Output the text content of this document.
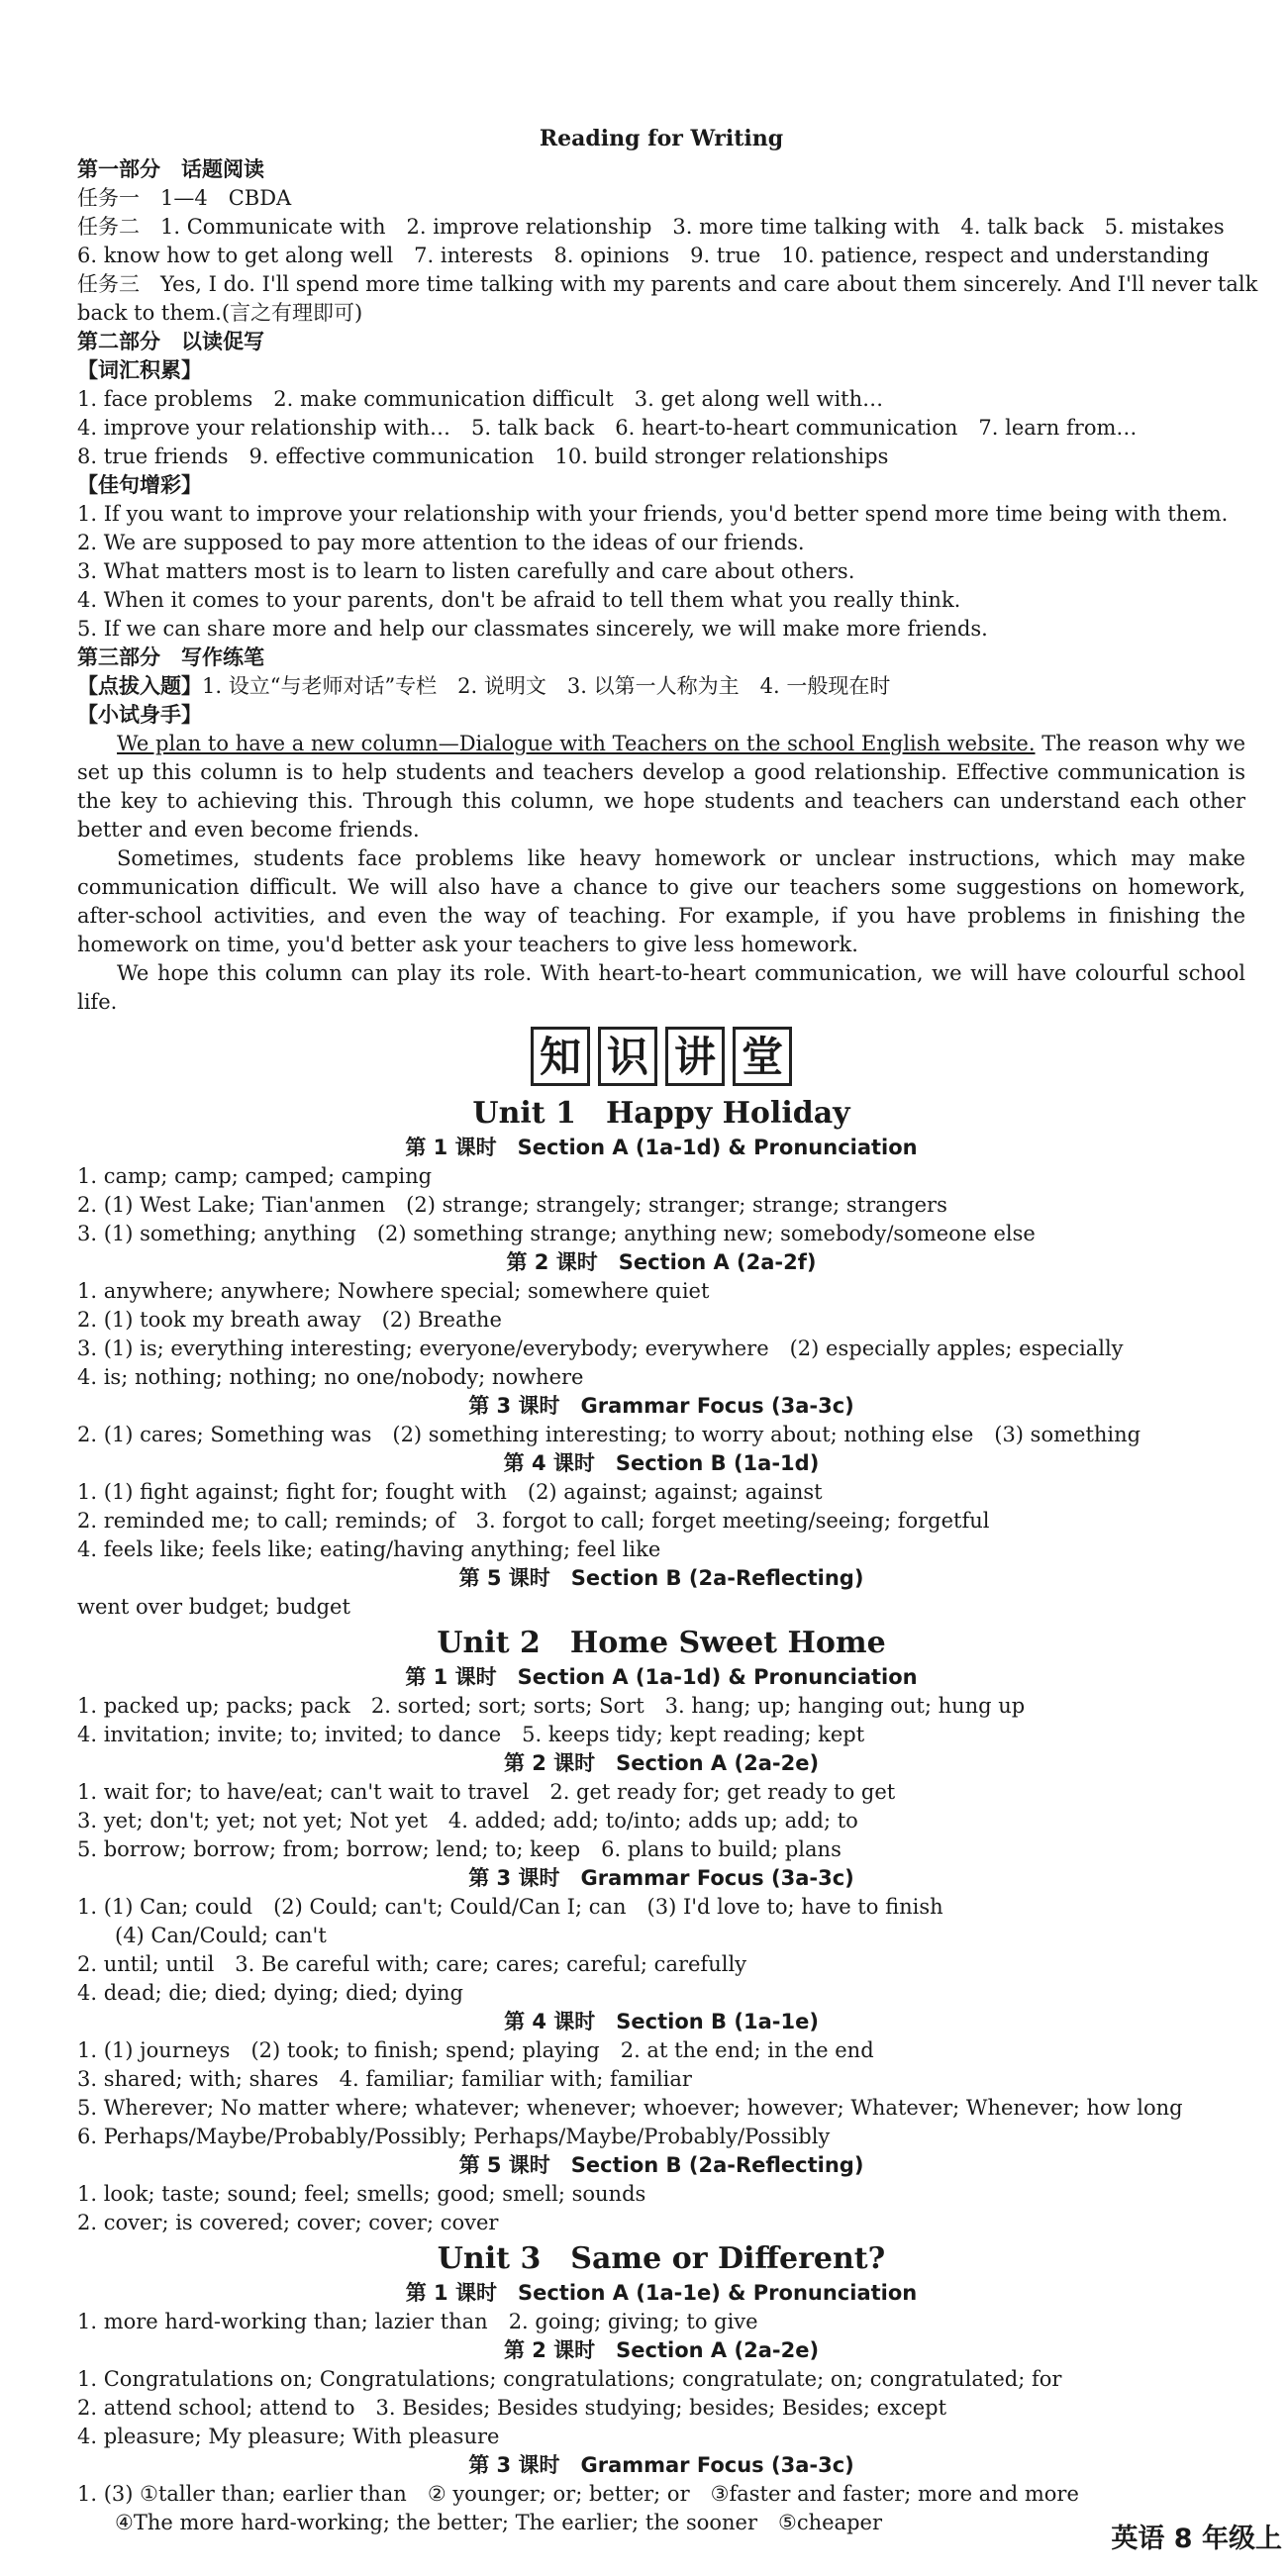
Reading for Writing
第一部分　话题阅读
任务一　1—4　CBDA
任务二　1. Communicate with　2. improve relationship　3. more time talking with　4. talk back　5. mistakes
6. know how to get along well　7. interests　8. opinions　9. true　10. patience, respect and understanding
任务三　Yes, I do. I'll spend more time talking with my parents and care about them sincerely. And I'll never talk
back to them.(言之有理即可)
第二部分　以读促写
【词汇积累】
1. face problems　2. make communication difficult　3. get along well with…
4. improve your relationship with…　5. talk back　6. heart-to-heart communication　7. learn from…
8. true friends　9. effective communication　10. build stronger relationships
【佳句增彩】
1. If you want to improve your relationship with your friends, you'd better spend more time being with them.
2. We are supposed to pay more attention to the ideas of our friends.
3. What matters most is to learn to listen carefully and care about others.
4. When it comes to your parents, don't be afraid to tell them what you really think.
5. If we can share more and help our classmates sincerely, we will make more friends.
第三部分　写作练笔
【点拔入题】1. 设立“与老师对话”专栏　2. 说明文　3. 以第一人称为主　4. 一般现在时
【小试身手】
We plan to have a new column—Dialogue with Teachers on the school English website. The reason why we set up this column is to help students and teachers develop a good relationship. Effective communication is the key to achieving this. Through this column, we hope students and teachers can understand each other better and even become friends.
Sometimes, students face problems like heavy homework or unclear instructions, which may make communication difficult. We will also have a chance to give our teachers some suggestions on homework, after-school activities, and even the way of teaching. For example, if you have problems in finishing the homework on time, you'd better ask your teachers to give less homework.
We hope this column can play its role. With heart-to-heart communication, we will have colourful school life.
知 识 讲 堂
Unit 1　Happy Holiday
第 1 课时　Section A (1a-1d) & Pronunciation
1. camp; camp; camped; camping
2. (1) West Lake; Tian'anmen　(2) strange; strangely; stranger; strange; strangers
3. (1) something; anything　(2) something strange; anything new; somebody/someone else
第 2 课时　Section A (2a-2f)
1. anywhere; anywhere; Nowhere special; somewhere quiet
2. (1) took my breath away　(2) Breathe
3. (1) is; everything interesting; everyone/everybody; everywhere　(2) especially apples; especially
4. is; nothing; nothing; no one/nobody; nowhere
第 3 课时　Grammar Focus (3a-3c)
2. (1) cares; Something was　(2) something interesting; to worry about; nothing else　(3) something
第 4 课时　Section B (1a-1d)
1. (1) fight against; fight for; fought with　(2) against; against; against
2. reminded me; to call; reminds; of　3. forgot to call; forget meeting/seeing; forgetful
4. feels like; feels like; eating/having anything; feel like
第 5 课时　Section B (2a-Reflecting)
went over budget; budget
Unit 2　Home Sweet Home
第 1 课时　Section A (1a-1d) & Pronunciation
1. packed up; packs; pack　2. sorted; sort; sorts; Sort　3. hang; up; hanging out; hung up
4. invitation; invite; to; invited; to dance　5. keeps tidy; kept reading; kept
第 2 课时　Section A (2a-2e)
1. wait for; to have/eat; can't wait to travel　2. get ready for; get ready to get
3. yet; don't; yet; not yet; Not yet　4. added; add; to/into; adds up; add; to
5. borrow; borrow; from; borrow; lend; to; keep　6. plans to build; plans
第 3 课时　Grammar Focus (3a-3c)
1. (1) Can; could　(2) Could; can't; Could/Can I; can　(3) I'd love to; have to finish
(4) Can/Could; can't
2. until; until　3. Be careful with; care; cares; careful; carefully
4. dead; die; died; dying; died; dying
第 4 课时　Section B (1a-1e)
1. (1) journeys　(2) took; to finish; spend; playing　2. at the end; in the end
3. shared; with; shares　4. familiar; familiar with; familiar
5. Wherever; No matter where; whatever; whenever; whoever; however; Whatever; Whenever; how long
6. Perhaps/Maybe/Probably/Possibly; Perhaps/Maybe/Probably/Possibly
第 5 课时　Section B (2a-Reflecting)
1. look; taste; sound; feel; smells; good; smell; sounds
2. cover; is covered; cover; cover; cover
Unit 3　Same or Different?
第 1 课时　Section A (1a-1e) & Pronunciation
1. more hard-working than; lazier than　2. going; giving; to give
第 2 课时　Section A (2a-2e)
1. Congratulations on; Congratulations; congratulations; congratulate; on; congratulated; for
2. attend school; attend to　3. Besides; Besides studying; besides; Besides; except
4. pleasure; My pleasure; With pleasure
第 3 课时　Grammar Focus (3a-3c)
1. (3) ①taller than; earlier than　② younger; or; better; or　③faster and faster; more and more
④The more hard-working; the better; The earlier; the sooner　⑤cheaper
英语 8 年级上
